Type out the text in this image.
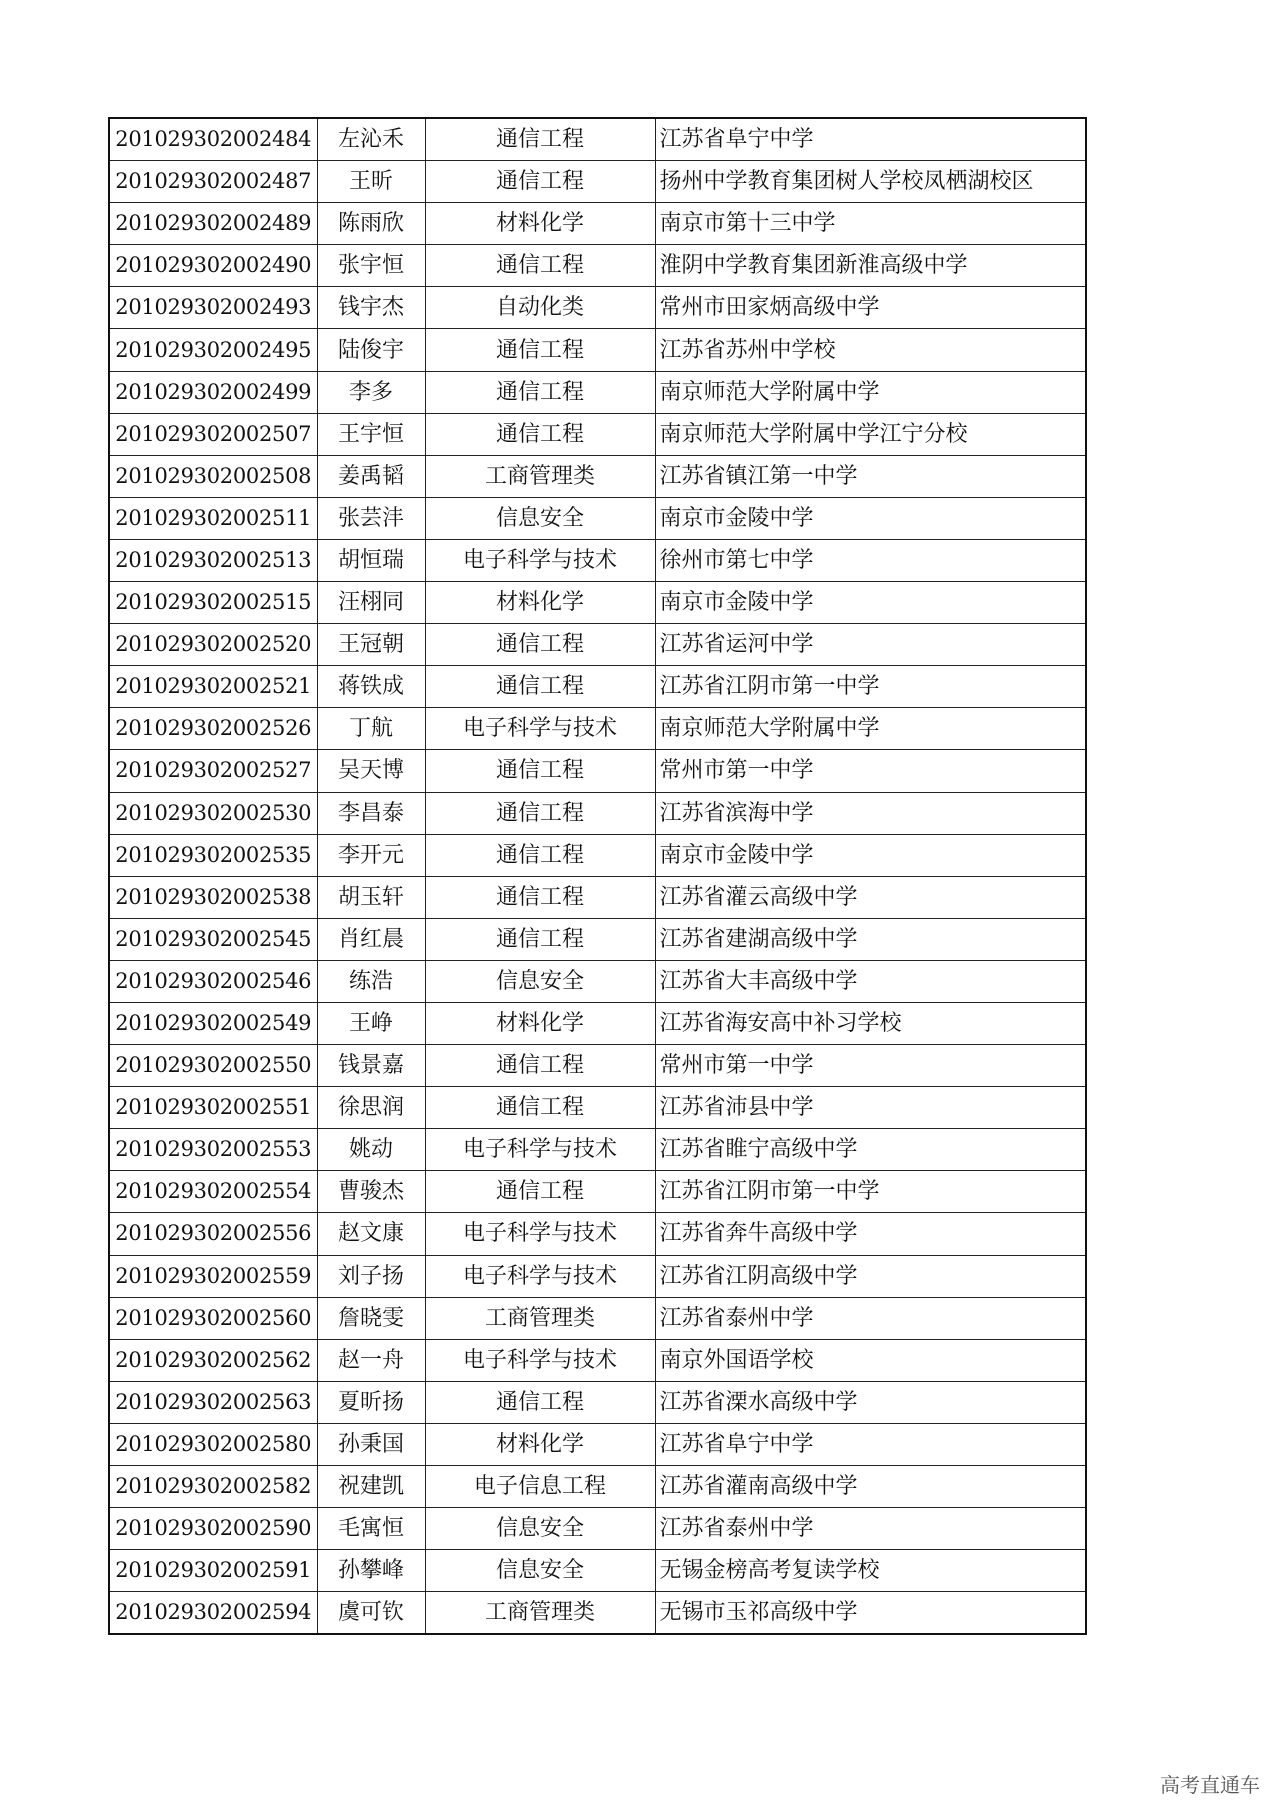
201029302002484	左沁禾	通信工程	江苏省阜宁中学
201029302002487	王昕	通信工程	扬州中学教育集团树人学校凤栖湖校区
201029302002489	陈雨欣	材料化学	南京市第十三中学
201029302002490	张宇恒	通信工程	淮阴中学教育集团新淮高级中学
201029302002493	钱宇杰	自动化类	常州市田家炳高级中学
201029302002495	陆俊宇	通信工程	江苏省苏州中学校
201029302002499	李多	通信工程	南京师范大学附属中学
201029302002507	王宇恒	通信工程	南京师范大学附属中学江宁分校
201029302002508	姜禹韬	工商管理类	江苏省镇江第一中学
201029302002511	张芸沣	信息安全	南京市金陵中学
201029302002513	胡恒瑞	电子科学与技术	徐州市第七中学
201029302002515	汪栩同	材料化学	南京市金陵中学
201029302002520	王冠朝	通信工程	江苏省运河中学
201029302002521	蒋铁成	通信工程	江苏省江阴市第一中学
201029302002526	丁航	电子科学与技术	南京师范大学附属中学
201029302002527	吴天博	通信工程	常州市第一中学
201029302002530	李昌泰	通信工程	江苏省滨海中学
201029302002535	李开元	通信工程	南京市金陵中学
201029302002538	胡玉轩	通信工程	江苏省灌云高级中学
201029302002545	肖红晨	通信工程	江苏省建湖高级中学
201029302002546	练浩	信息安全	江苏省大丰高级中学
201029302002549	王峥	材料化学	江苏省海安高中补习学校
201029302002550	钱景嘉	通信工程	常州市第一中学
201029302002551	徐思润	通信工程	江苏省沛县中学
201029302002553	姚动	电子科学与技术	江苏省睢宁高级中学
201029302002554	曹骏杰	通信工程	江苏省江阴市第一中学
201029302002556	赵文康	电子科学与技术	江苏省奔牛高级中学
201029302002559	刘子扬	电子科学与技术	江苏省江阴高级中学
201029302002560	詹晓雯	工商管理类	江苏省泰州中学
201029302002562	赵一舟	电子科学与技术	南京外国语学校
201029302002563	夏昕扬	通信工程	江苏省溧水高级中学
201029302002580	孙秉国	材料化学	江苏省阜宁中学
201029302002582	祝建凯	电子信息工程	江苏省灌南高级中学
201029302002590	毛寓恒	信息安全	江苏省泰州中学
201029302002591	孙攀峰	信息安全	无锡金榜高考复读学校
201029302002594	虞可钦	工商管理类	无锡市玉祁高级中学
高考直通车
